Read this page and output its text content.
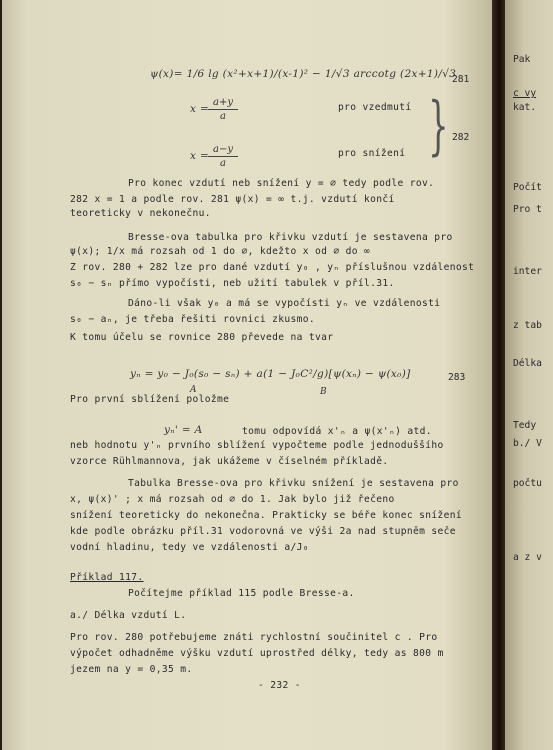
ψ(x)= 1/6 lg (x²+x+1)/(x-1)² − 1/√3 arccotg (2x+1)/√3
281
x =
a+y
a
pro vzedmutí
x =
a−y
a
pro snížení } 282
Pro konec vzdutí neb snížení y = ∅ tedy podle rov.
282 x = 1 a podle rov. 281 ψ(x) = ∞ t.j. vzdutí končí
teoreticky v nekonečnu.
Bresse-ova tabulka pro křivku vzdutí je sestavena pro
ψ(x); 1/x má rozsah od 1 do ∅, kdežto x od ∅ do ∞
Z rov. 280 + 282 lze pro dané vzdutí y₀ , yₙ příslušnou vzdálenost
s₀ − sₙ přímo vypočísti, neb užití tabulek v příl.31.
Dáno-li však y₀ a má se vypočísti yₙ ve vzdálenosti
s₀ − aₙ, je třeba řešiti rovnici zkusmo.
K tomu účelu se rovnice 280 převede na tvar
yₙ = y₀ − J₀(s₀ − sₙ) + a(1 − J₀C²/g)[ψ(xₙ) − ψ(x₀)]
A	B
283
Pro první sblížení položme
yₙ' = A	tomu odpovídá x'ₙ a ψ(x'ₙ) atd.
neb hodnotu y'ₙ prvního sblížení vypočteme podle jednoduššího
vzorce Rühlmannova, jak ukážeme v číselném příkladě.
Tabulka Bresse-ova pro křivku snížení je sestavena pro
x, ψ(x)' ; x má rozsah od ∅ do 1. Jak bylo již řečeno
snížení teoreticky do nekonečna. Prakticky se béře konec snížení
kde podle obrázku příl.31 vodorovná ve výši 2a nad stupněm seče
vodní hladinu, tedy ve vzdálenosti a/J₀
Příklad 117.
Počítejme příklad 115 podle Bresse-a.
a./ Délka vzdutí L.
Pro rov. 280 potřebujeme znáti rychlostní součinitel c . Pro
výpočet odhadněme výšku vzdutí uprostřed délky, tedy as 800 m
jezem na y = 0,35 m.
- 232 -
Pak
c vy
kat.
Počít
Pro t
inter
z tab
Délka
Tedy
b./ V
počtu
a z v
